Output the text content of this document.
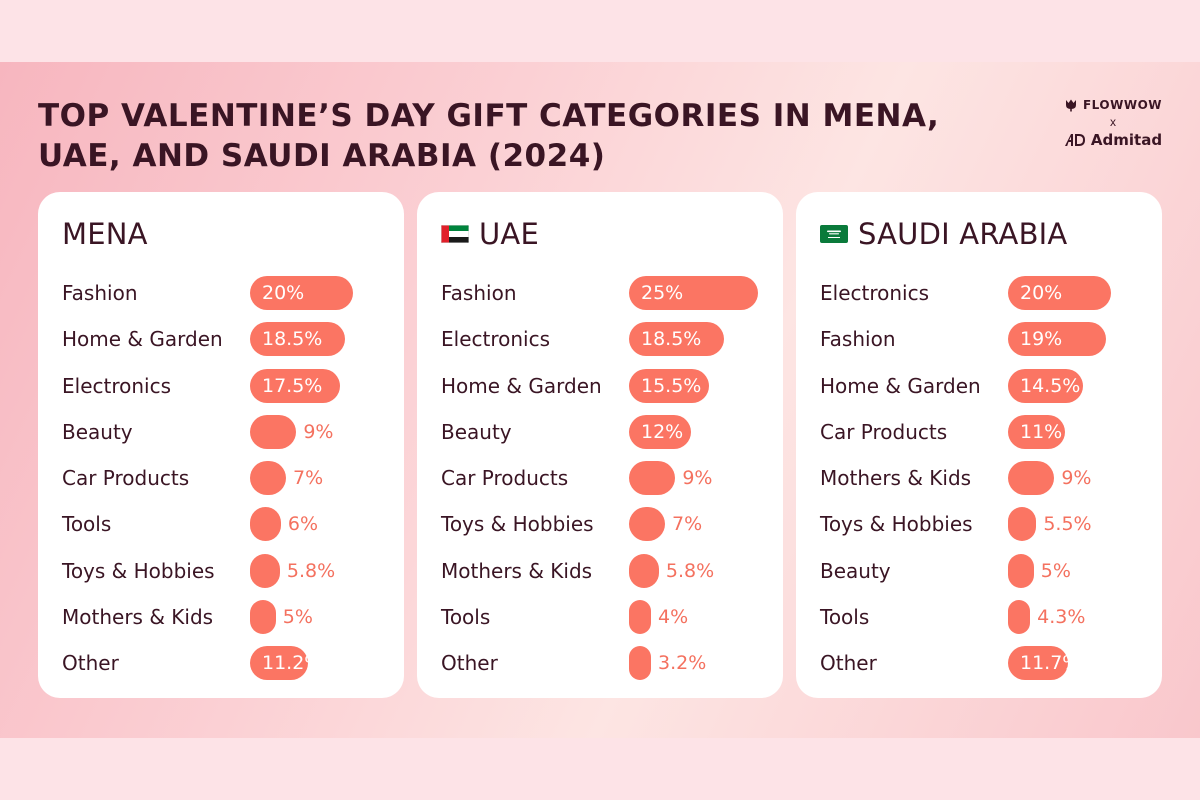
TOP VALENTINE’S DAY GIFT CATEGORIES IN MENA,
UAE, AND SAUDI ARABIA (2024)
FLOWWOW
x
Admitad
MENA
Fashion	20%
Home & Garden	18.5%
Electronics	17.5%
Beauty	9%
Car Products	7%
Tools	6%
Toys & Hobbies	5.8%
Mothers & Kids	5%
Other	11.2%
UAE
Fashion	25%
Electronics	18.5%
Home & Garden	15.5%
Beauty	12%
Car Products	9%
Toys & Hobbies	7%
Mothers & Kids	5.8%
Tools	4%
Other	3.2%
SAUDI ARABIA
Electronics	20%
Fashion	19%
Home & Garden	14.5%
Car Products	11%
Mothers & Kids	9%
Toys & Hobbies	5.5%
Beauty	5%
Tools	4.3%
Other	11.7%
